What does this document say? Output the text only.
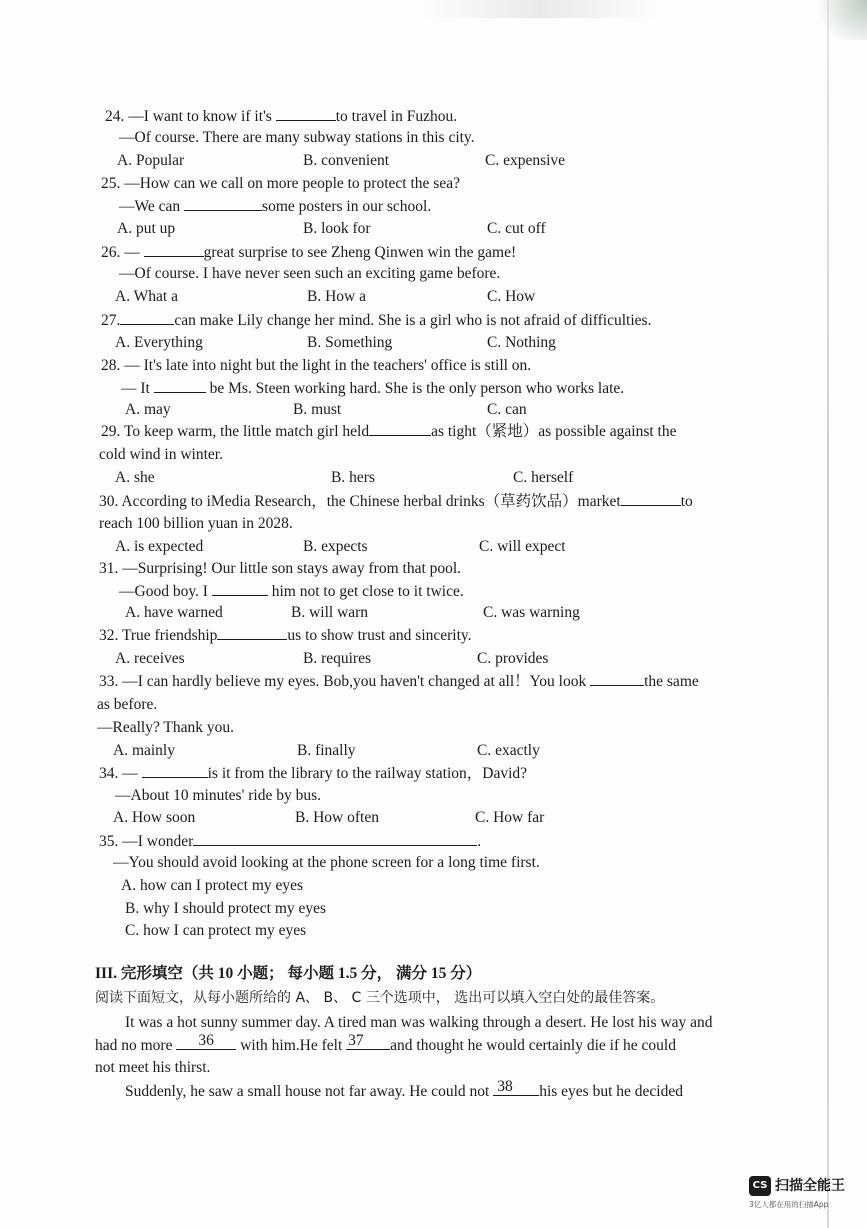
24. —I want to know if it's	to travel in Fuzhou.
—Of course. There are many subway stations in this city.
A. Popular	B. convenient	C. expensive
25. —How can we call on more people to protect the sea?
—We can	some posters in our school.
A. put up	B. look for	C. cut off
26. —	great surprise to see Zheng Qinwen win the game!
—Of course. I have never seen such an exciting game before.
A. What a	B. How a	C. How
27.	can make Lily change her mind. She is a girl who is not afraid of difficulties.
A. Everything	B. Something	C. Nothing
28. — It's late into night but the light in the teachers' office is still on.
— It	be Ms. Steen working hard. She is the only person who works late.
A. may	B. must	C. can
29. To keep warm, the little match girl held	as tight（紧地）as possible against the
cold wind in winter.
A. she	B. hers	C. herself
30. According to iMedia Research，the Chinese herbal drinks（草药饮品）market	to
reach 100 billion yuan in 2028.
A. is expected	B. expects	C. will expect
31. —Surprising! Our little son stays away from that pool.
—Good boy. I	him not to get close to it twice.
A. have warned	B. will warn	C. was warning
32. True friendship	us to show trust and sincerity.
A. receives	B. requires	C. provides
33. —I can hardly believe my eyes. Bob,you haven't changed at all！You look	the same
as before.
—Really? Thank you.
A. mainly	B. finally	C. exactly
34. —	is it from the library to the railway station，David?
—About 10 minutes' ride by bus.
A. How soon	B. How often	C. How far
35. —I wonder	.
—You should avoid looking at the phone screen for a long time first.
A. how can I protect my eyes
B. why I should protect my eyes
C. how I can protect my eyes
III. 完形填空（共 10 小题； 每小题 1.5 分， 满分 15 分）
阅读下面短文，从每小题所给的 A、 B、 C 三个选项中， 选出可以填入空白处的最佳答案。
It was a hot sunny summer day. A tired man was walking through a desert. He lost his way and
had no more 36 with him.He felt 37 and thought he would certainly die if he could
not meet his thirst.
Suddenly, he saw a small house not far away. He could not 38 his eyes but he decided
CS 扫描全能王
3亿人都在用的扫描App
